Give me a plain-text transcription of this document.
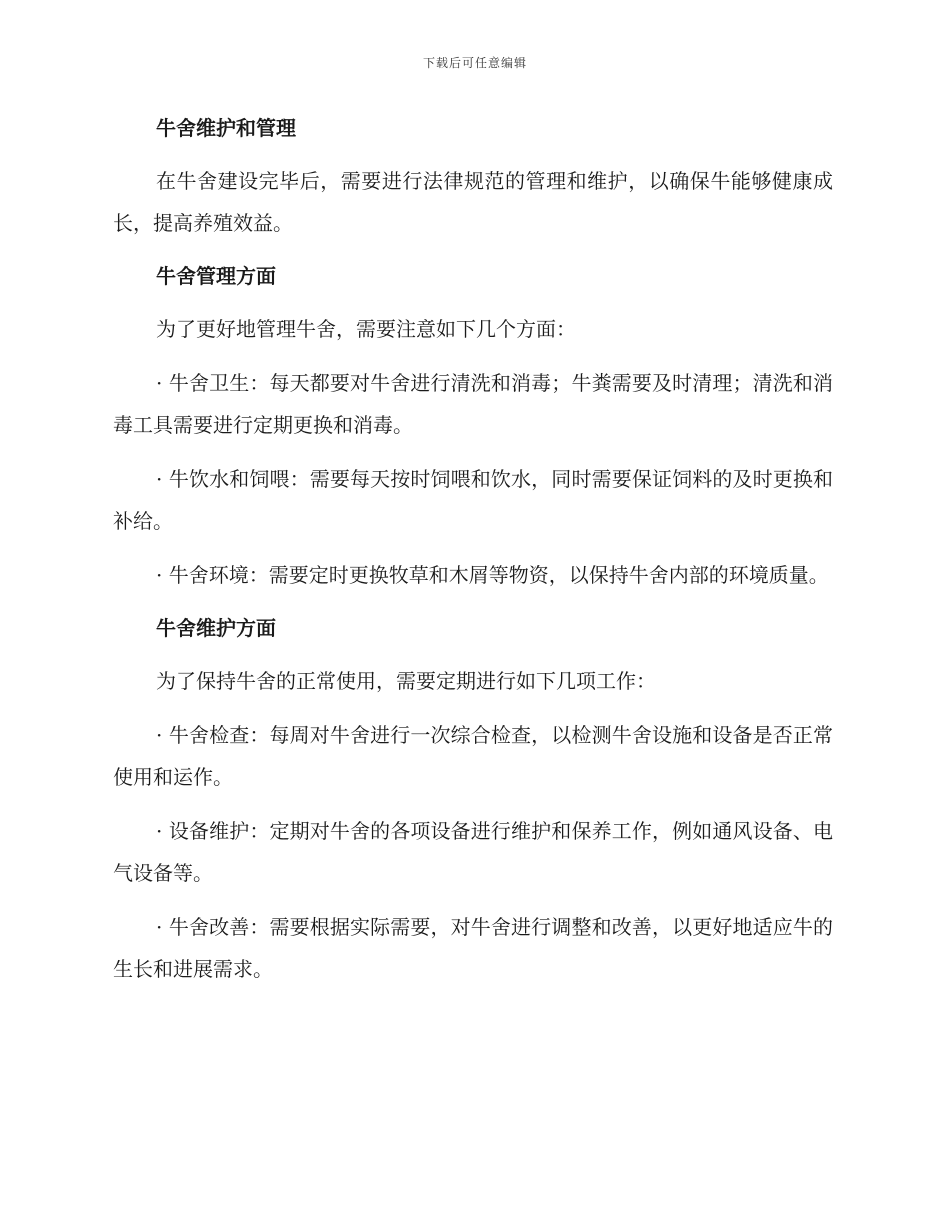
下载后可任意编辑
牛舍维护和管理

在牛舍建设完毕后，需要进行法律规范的管理和维护，以确保牛能够健康成长，提高养殖效益。

牛舍管理方面

为了更好地管理牛舍，需要注意如下几个方面：

· 牛舍卫生：每天都要对牛舍进行清洗和消毒；牛粪需要及时清理；清洗和消毒工具需要进行定期更换和消毒。

· 牛饮水和饲喂：需要每天按时饲喂和饮水，同时需要保证饲料的及时更换和补给。

· 牛舍环境：需要定时更换牧草和木屑等物资，以保持牛舍内部的环境质量。

牛舍维护方面

为了保持牛舍的正常使用，需要定期进行如下几项工作：

· 牛舍检查：每周对牛舍进行一次综合检查，以检测牛舍设施和设备是否正常使用和运作。

· 设备维护：定期对牛舍的各项设备进行维护和保养工作，例如通风设备、电气设备等。

· 牛舍改善：需要根据实际需要，对牛舍进行调整和改善，以更好地适应牛的生长和进展需求。
